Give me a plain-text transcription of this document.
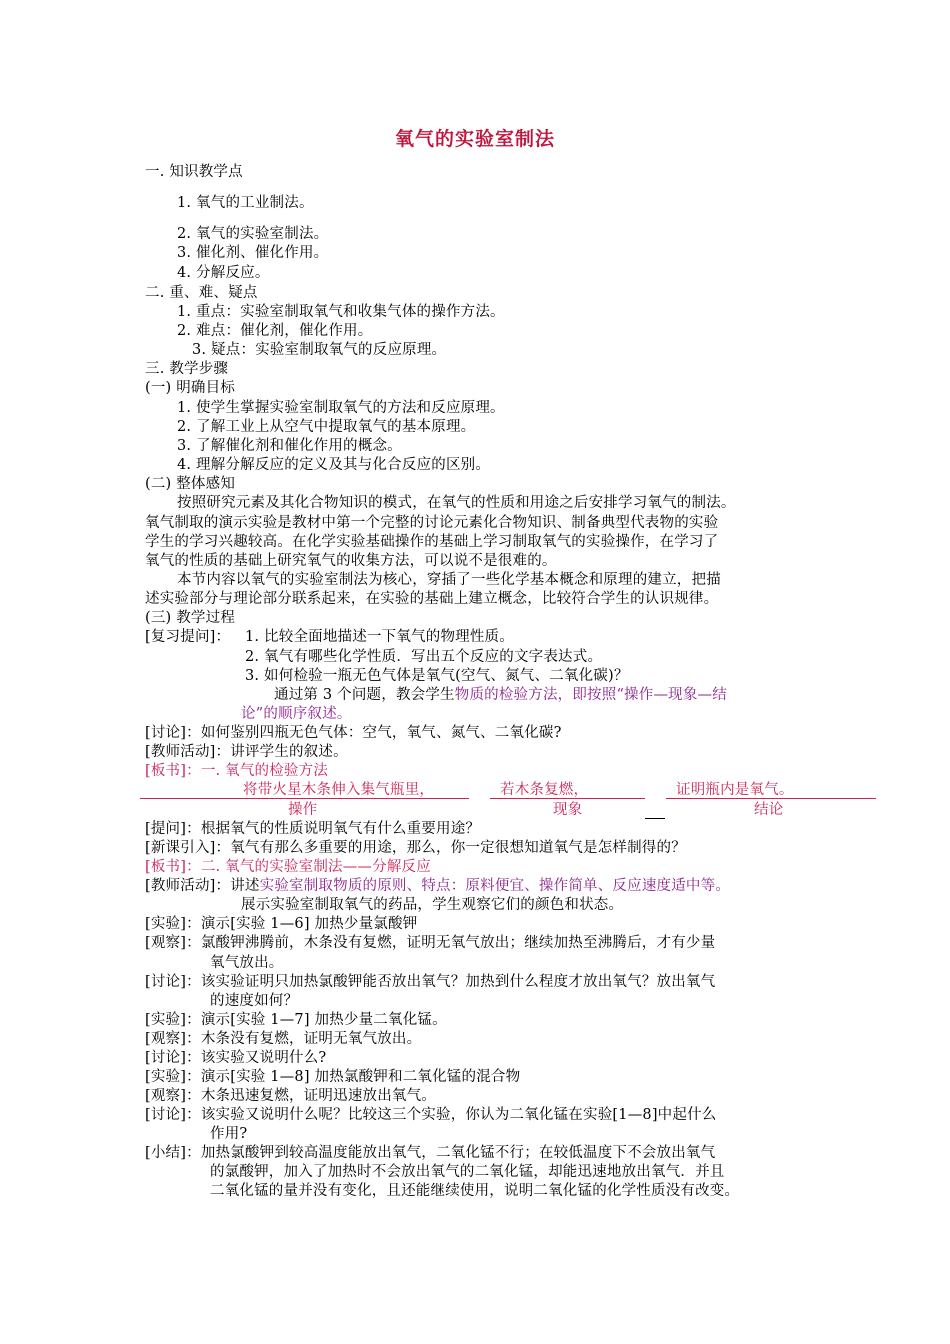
氧气的实验室制法
一. 知识教学点
1. 氧气的工业制法。
2. 氧气的实验室制法。
3. 催化剂、催化作用。
4. 分解反应。
二. 重、难、疑点
1. 重点：实验室制取氧气和收集气体的操作方法。
2. 难点：催化剂，催化作用。
3. 疑点：实验室制取氧气的反应原理。
三. 教学步骤
(一) 明确目标
1. 使学生掌握实验室制取氧气的方法和反应原理。
2. 了解工业上从空气中提取氧气的基本原理。
3. 了解催化剂和催化作用的概念。
4. 理解分解反应的定义及其与化合反应的区别。
(二) 整体感知
按照研究元素及其化合物知识的模式，在氧气的性质和用途之后安排学习氧气的制法。
氧气制取的演示实验是教材中第一个完整的讨论元素化合物知识、制备典型代表物的实验
学生的学习兴趣较高。在化学实验基础操作的基础上学习制取氧气的实验操作，在学习了
氧气的性质的基础上研究氧气的收集方法，可以说不是很难的。
本节内容以氧气的实验室制法为核心，穿插了一些化学基本概念和原理的建立，把描
述实验部分与理论部分联系起来，在实验的基础上建立概念，比较符合学生的认识规律。
(三) 教学过程
[复习提问]： 1. 比较全面地描述一下氧气的物理性质。
2. 氧气有哪些化学性质．写出五个反应的文字表达式。
3. 如何检验一瓶无色气体是氧气(空气、氮气、二氧化碳)？
通过第 3 个问题，教会学生物质的检验方法，即按照“操作—现象—结
论”的顺序叙述。
[讨论]：如何鉴别四瓶无色气体：空气，氧气、氮气、二氧化碳?
[教师活动]：讲评学生的叙述。
[板书]：一. 氧气的检验方法
将带火星木条伸入集气瓶里，	若木条复燃，	证明瓶内是氧气。
操作	现象	结论
[提问]：根据氧气的性质说明氧气有什么重要用途？
[新课引入]：氧气有那么多重要的用途，那么，你一定很想知道氧气是怎样制得的？
[板书]：二. 氧气的实验室制法——分解反应
[教师活动]：讲述实验室制取物质的原则、特点：原料便宜、操作简单、反应速度适中等。
展示实验室制取氧气的药品，学生观察它们的颜色和状态。
[实验]：演示[实验 1—6] 加热少量氯酸钾
[观察]：氯酸钾沸腾前，木条没有复燃，证明无氧气放出；继续加热至沸腾后，才有少量
氧气放出。
[讨论]：该实验证明只加热氯酸钾能否放出氧气？加热到什么程度才放出氧气？放出氧气
的速度如何？
[实验]：演示[实验 1—7] 加热少量二氧化锰。
[观察]：木条没有复燃，证明无氧气放出。
[讨论]：该实验又说明什么?
[实验]：演示[实验 1—8] 加热氯酸钾和二氧化锰的混合物
[观察]：木条迅速复燃，证明迅速放出氧气。
[讨论]：该实验又说明什么呢？比较这三个实验，你认为二氧化锰在实验[1—8]中起什么
作用?
[小结]：加热氯酸钾到较高温度能放出氧气，二氧化锰不行；在较低温度下不会放出氧气
的氯酸钾，加入了加热时不会放出氧气的二氧化锰，却能迅速地放出氧气．并且
二氧化锰的量并没有变化，且还能继续使用，说明二氧化锰的化学性质没有改变。
